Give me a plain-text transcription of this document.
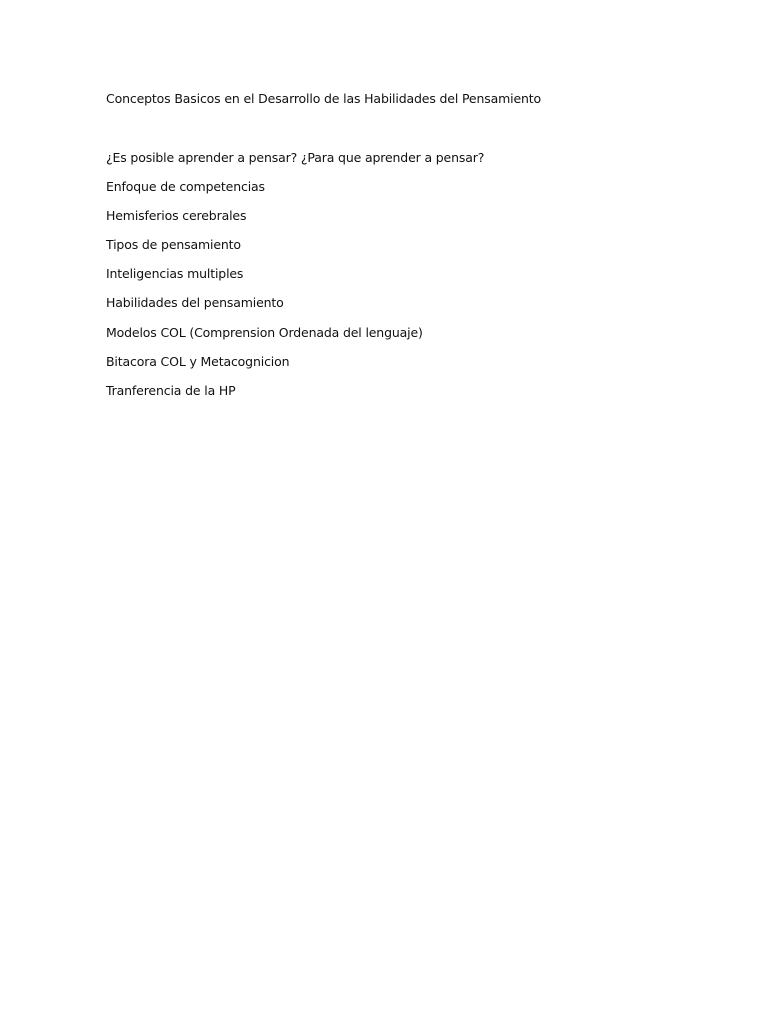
Conceptos Basicos en el Desarrollo de las Habilidades del Pensamiento
¿Es posible aprender a pensar? ¿Para que aprender a pensar?
Enfoque de competencias
Hemisferios cerebrales
Tipos de pensamiento
Inteligencias multiples
Habilidades del pensamiento
Modelos COL (Comprension Ordenada del lenguaje)
Bitacora COL y Metacognicion
Tranferencia de la HP
